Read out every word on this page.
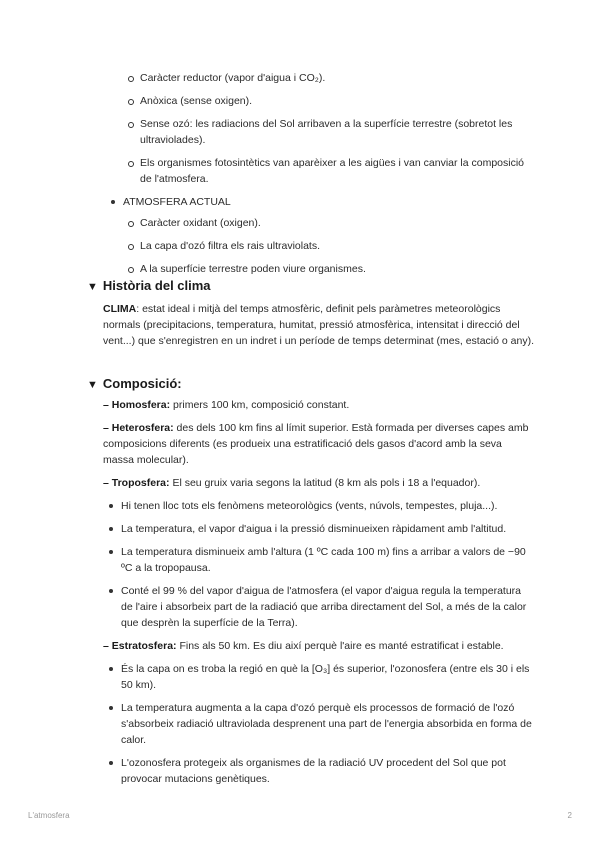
Caràcter reductor (vapor d'aigua i CO₂).
Anòxica (sense oxigen).
Sense ozó: les radiacions del Sol arribaven a la superfície terrestre (sobretot les ultraviolades).
Els organismes fotosintètics van aparèixer a les aigües i van canviar la composició de l'atmosfera.
ATMOSFERA ACTUAL
Caràcter oxidant (oxigen).
La capa d'ozó filtra els rais ultraviolats.
A la superfície terrestre poden viure organismes.
▼ Història del clima
CLIMA: estat ideal i mitjà del temps atmosfèric, definit pels paràmetres meteorològics normals (precipitacions, temperatura, humitat, pressió atmosfèrica, intensitat i direcció del vent...) que s'enregistren en un indret i un període de temps determinat (mes, estació o any).
▼ Composició:

– Homosfera: primers 100 km, composició constant.

– Heterosfera: des dels 100 km fins al límit superior. Està formada per diverses capes amb composicions diferents (es produeix una estratificació dels gasos d'acord amb la seva massa molecular).

– Troposfera: El seu gruix varia segons la latitud (8 km als pols i 18 a l'equador).

Hi tenen lloc tots els fenòmens meteorològics (vents, núvols, tempestes, pluja...).
La temperatura, el vapor d'aigua i la pressió disminueixen ràpidament amb l'altitud.
La temperatura disminueix amb l'altura (1 ºC cada 100 m) fins a arribar a valors de −90 ºC a la tropopausa.
Conté el 99 % del vapor d'aigua de l'atmosfera (el vapor d'aigua regula la temperatura de l'aire i absorbeix part de la radiació que arriba directament del Sol, a més de la calor que desprèn la superfície de la Terra).

– Estratosfera: Fins als 50 km. Es diu així perquè l'aire es manté estratificat i estable.

És la capa on es troba la regió en què la [O₃] és superior, l'ozonosfera (entre els 30 i els 50 km).
La temperatura augmenta a la capa d'ozó perquè els processos de formació de l'ozó s'absorbeix radiació ultraviolada desprenent una part de l'energia absorbida en forma de calor.
L'ozonosfera protegeix als organismes de la radiació UV procedent del Sol que pot provocar mutacions genètiques.
L'atmosfera	2
